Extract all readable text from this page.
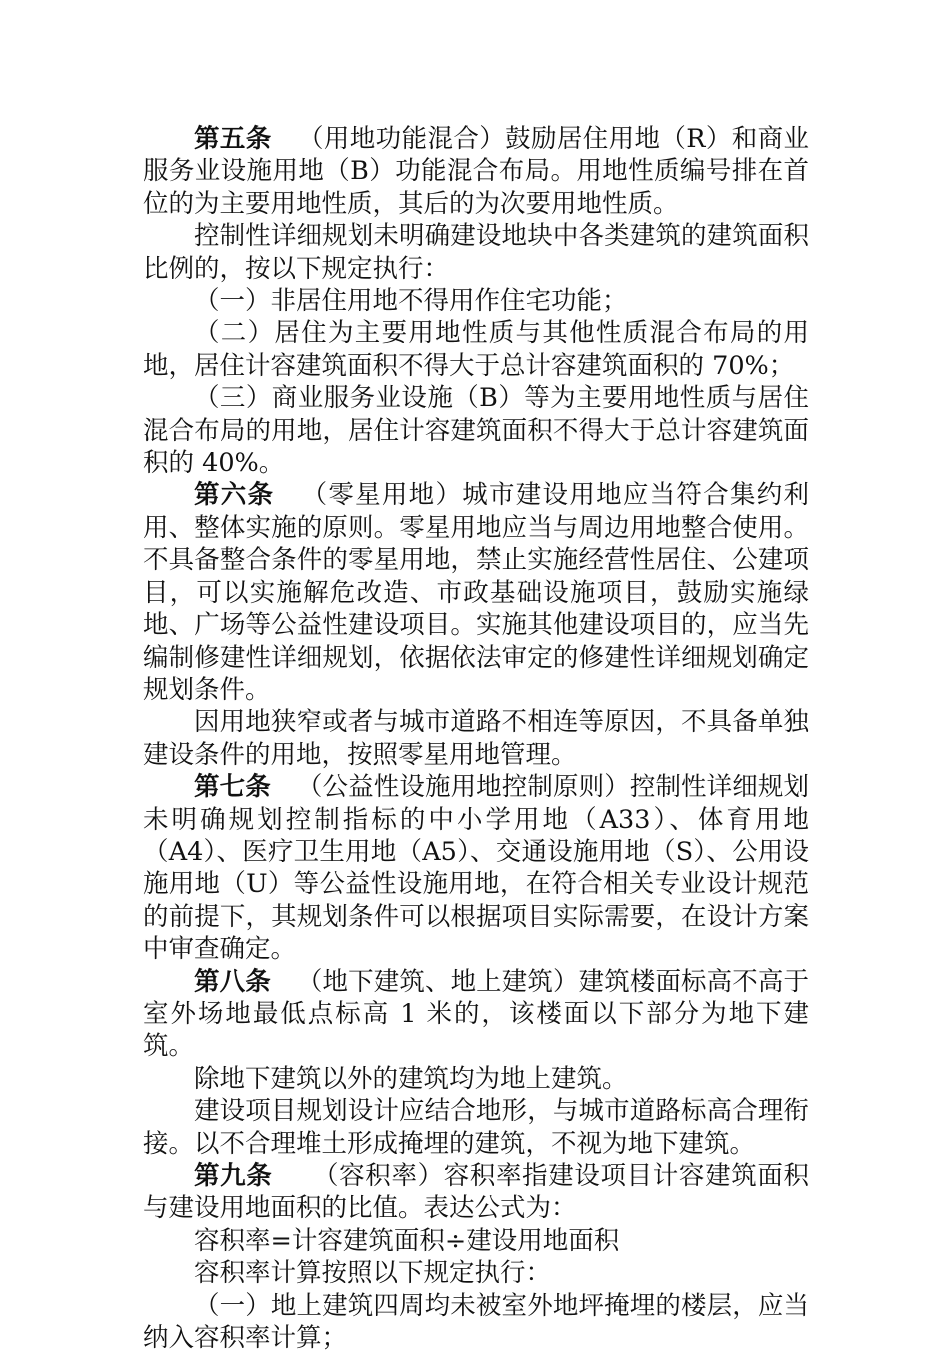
第五条 （用地功能混合）鼓励居住用地（R）和商业服务业设施用地（B）功能混合布局。用地性质编号排在首位的为主要用地性质，其后的为次要用地性质。

控制性详细规划未明确建设地块中各类建筑的建筑面积比例的，按以下规定执行：

（一）非居住用地不得用作住宅功能；

（二）居住为主要用地性质与其他性质混合布局的用地，居住计容建筑面积不得大于总计容建筑面积的 70%；

（三）商业服务业设施（B）等为主要用地性质与居住混合布局的用地，居住计容建筑面积不得大于总计容建筑面积的 40%。

第六条 （零星用地）城市建设用地应当符合集约利用、整体实施的原则。零星用地应当与周边用地整合使用。不具备整合条件的零星用地，禁止实施经营性居住、公建项目，可以实施解危改造、市政基础设施项目，鼓励实施绿地、广场等公益性建设项目。实施其他建设项目的，应当先编制修建性详细规划，依据依法审定的修建性详细规划确定规划条件。

因用地狭窄或者与城市道路不相连等原因，不具备单独建设条件的用地，按照零星用地管理。

第七条 （公益性设施用地控制原则）控制性详细规划未明确规划控制指标的中小学用地（A33）、体育用地（A4）、医疗卫生用地（A5）、交通设施用地（S）、公用设施用地（U）等公益性设施用地，在符合相关专业设计规范的前提下，其规划条件可以根据项目实际需要，在设计方案中审查确定。

第八条 （地下建筑、地上建筑）建筑楼面标高不高于室外场地最低点标高 1 米的，该楼面以下部分为地下建筑。

除地下建筑以外的建筑均为地上建筑。

建设项目规划设计应结合地形，与城市道路标高合理衔接。以不合理堆土形成掩埋的建筑，不视为地下建筑。

第九条 （容积率）容积率指建设项目计容建筑面积与建设用地面积的比值。表达公式为：

容积率=计容建筑面积÷建设用地面积

容积率计算按照以下规定执行：

（一）地上建筑四周均未被室外地坪掩埋的楼层，应当纳入容积率计算；
